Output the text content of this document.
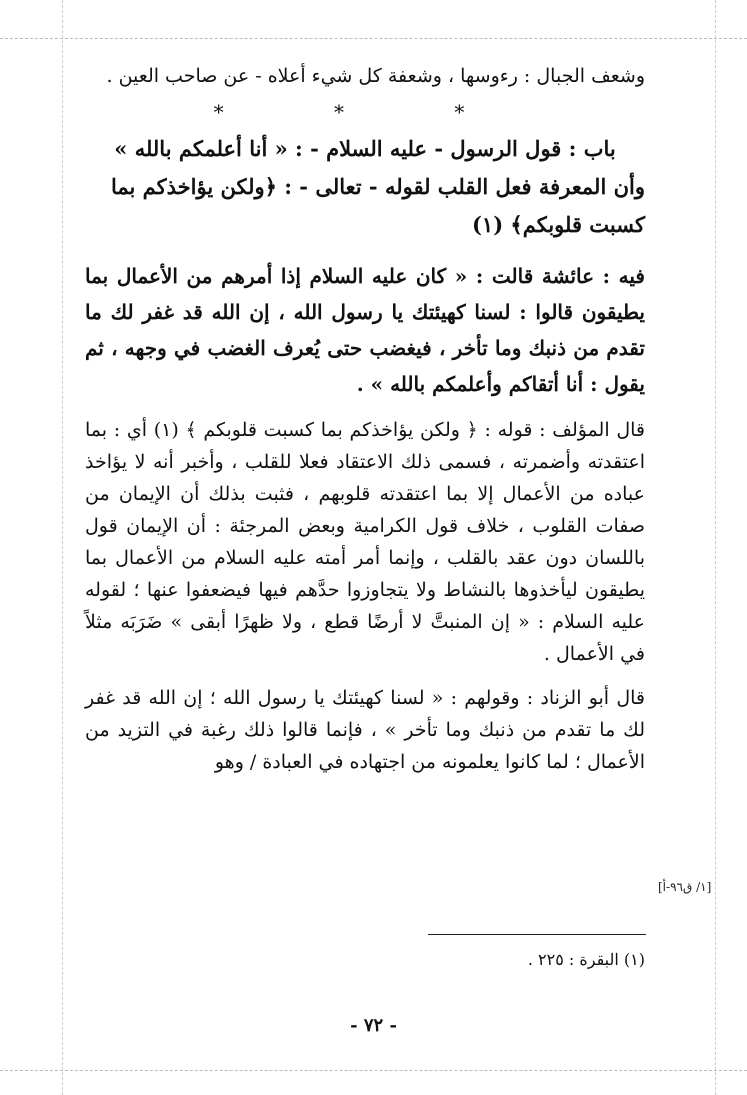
وشعف الجبال : رءوسها ، وشعفة كل شيء أعلاه - عن صاحب العين .

* * *

باب : قول الرسول - عليه السلام - : « أنا أعلمكم بالله »

وأن المعرفة فعل القلب لقوله - تعالى - : ﴿ولكن يؤاخذكم بما كسبت قلوبكم﴾ (١)

فيه : عائشة قالت : « كان عليه السلام إذا أمرهم من الأعمال بما يطيقون قالوا : لسنا كهيئتك يا رسول الله ، إن الله قد غفر لك ما تقدم من ذنبك وما تأخر ، فيغضب حتى يُعرف الغضب في وجهه ، ثم يقول : أنا أتقاكم وأعلمكم بالله » .

قال المؤلف : قوله : ﴿ ولكن يؤاخذكم بما كسبت قلوبكم ﴾ (١) أي : بما اعتقدته وأضمرته ، فسمى ذلك الاعتقاد فعلا للقلب ، وأخبر أنه لا يؤاخذ عباده من الأعمال إلا بما اعتقدته قلوبهم ، فثبت بذلك أن الإيمان من صفات القلوب ، خلاف قول الكرامية وبعض المرجئة : أن الإيمان قول باللسان دون عقد بالقلب ، وإنما أمر أمته عليه السلام من الأعمال بما يطيقون ليأخذوها بالنشاط ولا يتجاوزوا حدَّهم فيها فيضعفوا عنها ؛ لقوله عليه السلام : « إن المنبتَّ لا أرضًا قطع ، ولا ظهرًا أبقى » ضَرَبَه مثلاً في الأعمال .

قال أبو الزناد : وقولهم : « لسنا كهيئتك يا رسول الله ؛ إن الله قد غفر لك ما تقدم من ذنبك وما تأخر » ، فإنما قالوا ذلك رغبة في التزيد من الأعمال ؛ لما كانوا يعلمونه من اجتهاده في العبادة / وهو

[١/ ق٩٦-أ]
(١) البقرة : ٢٢٥ .
- ٧٢ -
